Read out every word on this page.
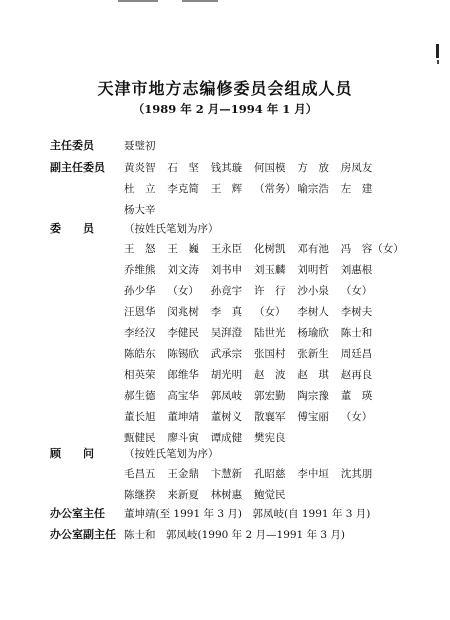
天津市地方志编修委员会组成人员
（1989 年 2 月—1994 年 1 月）
主任委员	聂璧初
副主任委员 黄炎智 石　坚 钱其璇 何国模 方　放 房凤友
杜　立 李克简 王　辉 （常务） 喻宗浩 左　建
杨大辛
委　　员	（按姓氏笔划为序）
王　怒 王　巍 王永臣 化树凯 邓有池 冯　容（女）
乔维熊 刘文涛 刘书申 刘玉麟 刘明哲 刘惠根
孙少华 （女） 孙竟宇 许　行 沙小泉 （女）
汪恩华 闵兆树 李　真 （女） 李树人 李树夫
李经汉 李健民 吴湃澄 陆世光 杨瑜欣 陈士和
陈皓东 陈锡欣 武承宗 张国村 张新生 周廷昌
相英荣 郎维华 胡光明 赵　波 赵　琪 赵再良
郝生德 高宝华 郭凤岐 郭宏勤 陶宗豫 董　瑛
董长旭 董坤靖 董树义 散襄军 傅宝丽 （女）
甄健民 廖斗寅 谭成健 樊宪良
顾　　问	（按姓氏笔划为序）
毛昌五 王金鼎 卞慧新 孔昭慈 李中垣 沈其朋
陈继揆 来新夏 林树惠 鲍觉民
办公室主任 董坤靖(至 1991 年 3 月)　郭凤岐(自 1991 年 3 月)
办公室副主任 陈士和　郭凤岐(1990 年 2 月—1991 年 3 月)
